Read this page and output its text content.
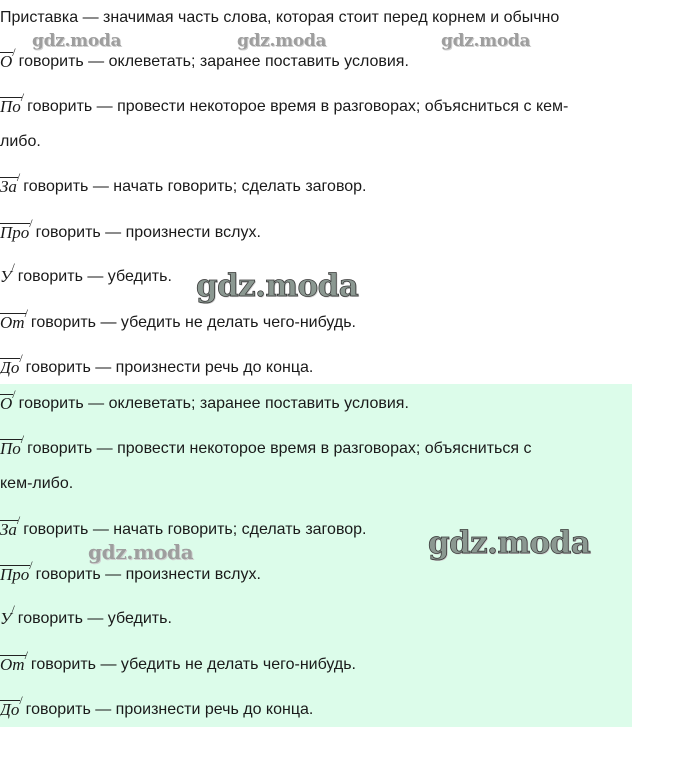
Приставка — значимая часть слова, которая стоит перед корнем и обычно
О/говорить — оклеветать; заранее поставить условия.
По/говорить — провести некоторое время в разговорах; объясниться с кем-
либо.
За/говорить — начать говорить; сделать заговор.
Про/говорить — произнести вслух.
У/говорить — убедить.
От/говорить — убедить не делать чего-нибудь.
До/говорить — произнести речь до конца.
О/говорить — оклеветать; заранее поставить условия.
По/говорить — провести некоторое время в разговорах; объясниться с
кем-либо.
За/говорить — начать говорить; сделать заговор.
Про/говорить — произнести вслух.
У/говорить — убедить.
От/говорить — убедить не делать чего-нибудь.
До/говорить — произнести речь до конца.
gdz.moda	gdz.moda	gdz.moda
gdz.moda
gdz.moda	gdz.moda
